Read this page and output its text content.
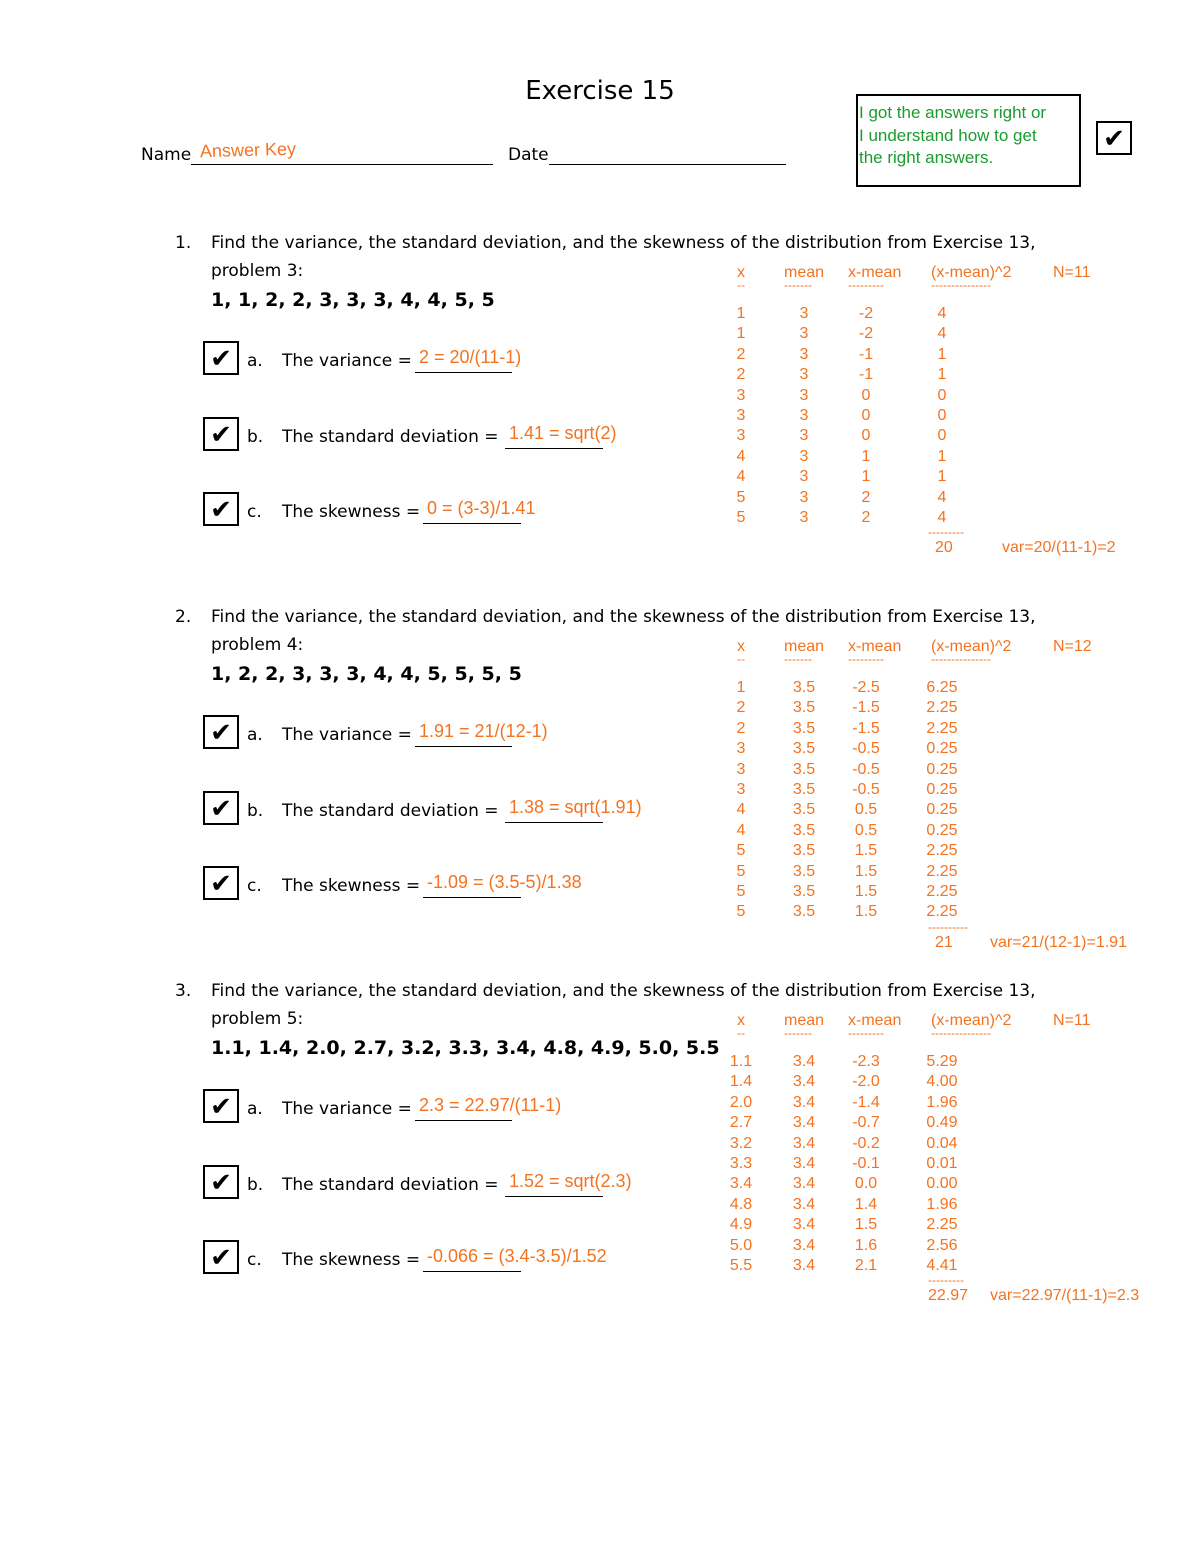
Exercise 15
Name Answer Key	Date
I got the answers right or
I understand how to get
the right answers.
✔
1. Find the variance, the standard deviation, and the skewness of the distribution from Exercise 13,
problem 3:
1, 1, 2, 2, 3, 3, 3, 4, 4, 5, 5
✔ a. The variance = 2 = 20/(11-1)
✔ b. The standard deviation = 1.41 = sqrt(2)
✔ c. The skewness = 0 = (3-3)/1.41
x mean x-mean (x-mean)^2	N=11
--	-------	---------	---------------
1	3	-2	4
1	3	-2	4
2	3	-1	1
2	3	-1	1
3	3	0	0
3	3	0	0
3	3	0	0
4	3	1	1
4	3	1	1
5	3	2	4
5	3	2	4
---------
20	var=20/(11-1)=2
2. Find the variance, the standard deviation, and the skewness of the distribution from Exercise 13,
problem 4:
1, 2, 2, 3, 3, 3, 4, 4, 5, 5, 5, 5
✔ a. The variance = 1.91 = 21/(12-1)
✔ b. The standard deviation = 1.38 = sqrt(1.91)
✔ c. The skewness = -1.09 = (3.5-5)/1.38
x mean x-mean (x-mean)^2	N=12
--	-------	---------	---------------
1	3.5	-2.5	6.25
2	3.5	-1.5	2.25
2	3.5	-1.5	2.25
3	3.5	-0.5	0.25
3	3.5	-0.5	0.25
3	3.5	-0.5	0.25
4	3.5	0.5	0.25
4	3.5	0.5	0.25
5	3.5	1.5	2.25
5	3.5	1.5	2.25
5	3.5	1.5	2.25
5	3.5	1.5	2.25
----------
21 var=21/(12-1)=1.91
3. Find the variance, the standard deviation, and the skewness of the distribution from Exercise 13,
problem 5:
1.1, 1.4, 2.0, 2.7, 3.2, 3.3, 3.4, 4.8, 4.9, 5.0, 5.5
✔ a. The variance = 2.3 = 22.97/(11-1)
✔ b. The standard deviation = 1.52 = sqrt(2.3)
✔ c. The skewness = -0.066 = (3.4-3.5)/1.52
x mean x-mean (x-mean)^2	N=11
--	-------	---------	---------------
1.1	3.4	-2.3	5.29
1.4	3.4	-2.0	4.00
2.0	3.4	-1.4	1.96
2.7	3.4	-0.7	0.49
3.2	3.4	-0.2	0.04
3.3	3.4	-0.1	0.01
3.4	3.4	0.0	0.00
4.8	3.4	1.4	1.96
4.9	3.4	1.5	2.25
5.0	3.4	1.6	2.56
5.5	3.4	2.1	4.41
---------
22.97 var=22.97/(11-1)=2.3
